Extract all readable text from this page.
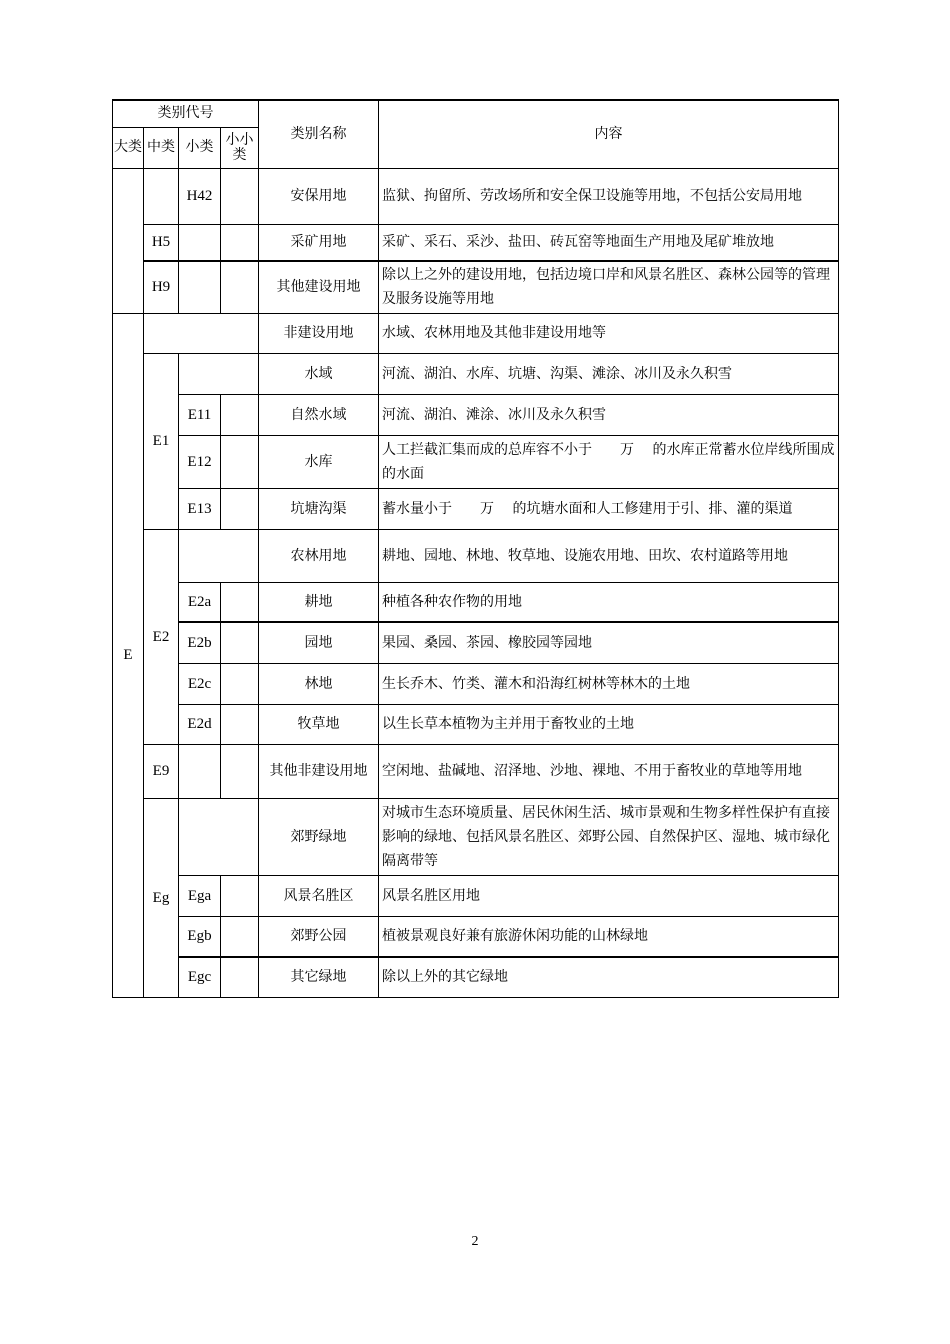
类别代号				类别名称	内容
大类	中类	小类	小小类		
		H42		安保用地	监狱、拘留所、劳改场所和安全保卫设施等用地，不包括公安局用地
	H5			采矿用地	采矿、采石、采沙、盐田、砖瓦窑等地面生产用地及尾矿堆放地
	H9			其他建设用地	除以上之外的建设用地，包括边境口岸和风景名胜区、森林公园等的管理及服务设施等用地
E				非建设用地	水域、农林用地及其他非建设用地等
	E1			水域	河流、湖泊、水库、坑塘、沟渠、滩涂、冰川及永久积雪
		E11		自然水域	河流、湖泊、滩涂、冰川及永久积雪
		E12		水库	人工拦截汇集而成的总库容不小于　　万　 的水库正常蓄水位岸线所围成的水面
		E13		坑塘沟渠	蓄水量小于　　万　 的坑塘水面和人工修建用于引、排、灌的渠道
	E2			农林用地	耕地、园地、林地、牧草地、设施农用地、田坎、农村道路等用地
		E2a		耕地	种植各种农作物的用地
		E2b		园地	果园、桑园、茶园、橡胶园等园地
		E2c		林地	生长乔木、竹类、灌木和沿海红树林等林木的土地
		E2d		牧草地	以生长草本植物为主并用于畜牧业的土地
	E9			其他非建设用地	空闲地、盐碱地、沼泽地、沙地、裸地、不用于畜牧业的草地等用地
	Eg			郊野绿地	对城市生态环境质量、居民休闲生活、城市景观和生物多样性保护有直接影响的绿地、包括风景名胜区、郊野公园、自然保护区、湿地、城市绿化隔离带等
		Ega		风景名胜区	风景名胜区用地
		Egb		郊野公园	植被景观良好兼有旅游休闲功能的山林绿地
		Egc		其它绿地	除以上外的其它绿地
2
